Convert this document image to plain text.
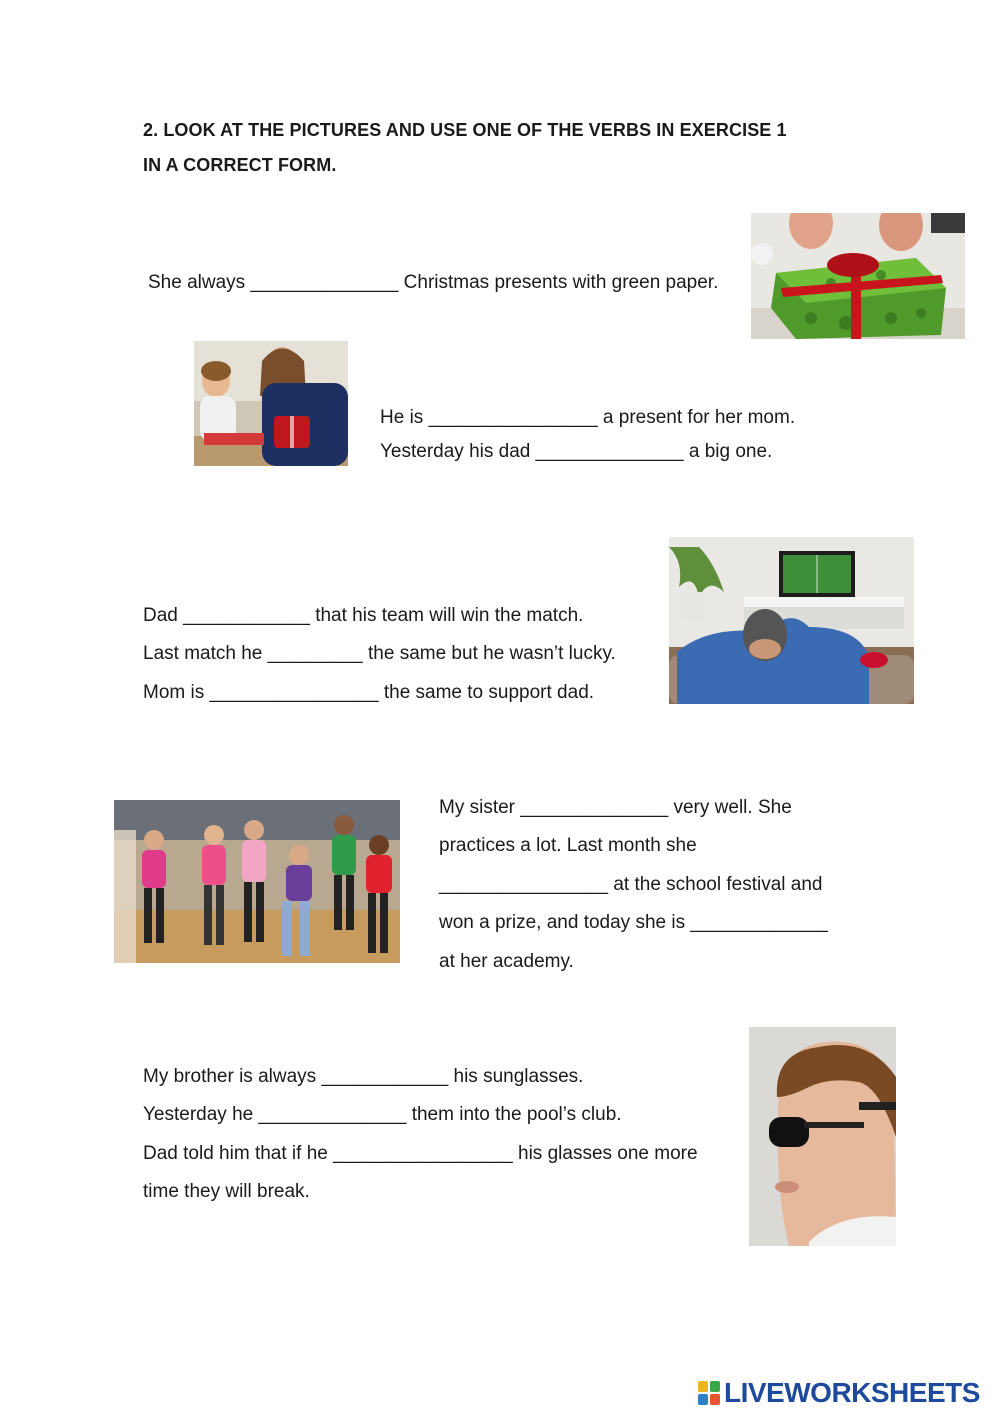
2. LOOK AT THE PICTURES AND USE ONE OF THE VERBS IN EXERCISE 1
IN A CORRECT FORM.
She always ______________ Christmas presents with green paper.
He is ________________ a present for her mom.
Yesterday his dad ______________ a big one.
Dad ____________ that his team will win the match.
Last match he _________ the same but he wasn’t lucky.
Mom is ________________ the same to support dad.
My sister ______________ very well. She
practices a lot. Last month she
________________ at the school festival and
won a prize, and today she is _____________
at her academy.
My brother is always ____________ his sunglasses.
Yesterday he ______________ them into the pool’s club.
Dad told him that if he _________________ his glasses one more
time they will break.
LIVEWORKSHEETS
